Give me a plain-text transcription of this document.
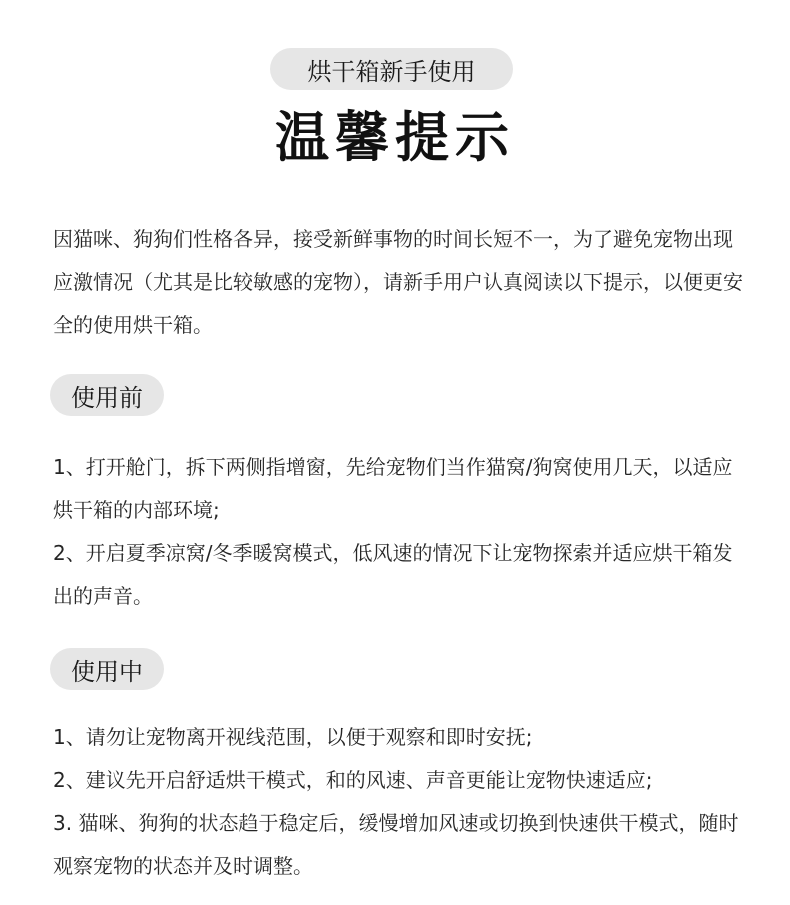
烘干箱新手使用
温馨提示
因猫咪、狗狗们性格各异，接受新鲜事物的时间长短不一，为了避免宠物出现应激情况（尤其是比较敏感的宠物），请新手用户认真阅读以下提示，以便更安全的使用烘干箱。
使用前

1、打开舱门，拆下两侧指增窗，先给宠物们当作猫窝/狗窝使用几天，以适应烘干箱的内部环境;

2、开启夏季凉窝/冬季暖窝模式，低风速的情况下让宠物探索并适应烘干箱发出的声音。

使用中

1、请勿让宠物离开视线范围，以便于观察和即时安抚;

2、建议先开启舒适烘干模式，和的风速、声音更能让宠物快速适应;

3. 猫咪、狗狗的状态趋于稳定后，缓慢增加风速或切换到快速供干模式，随时观察宠物的状态并及时调整。
